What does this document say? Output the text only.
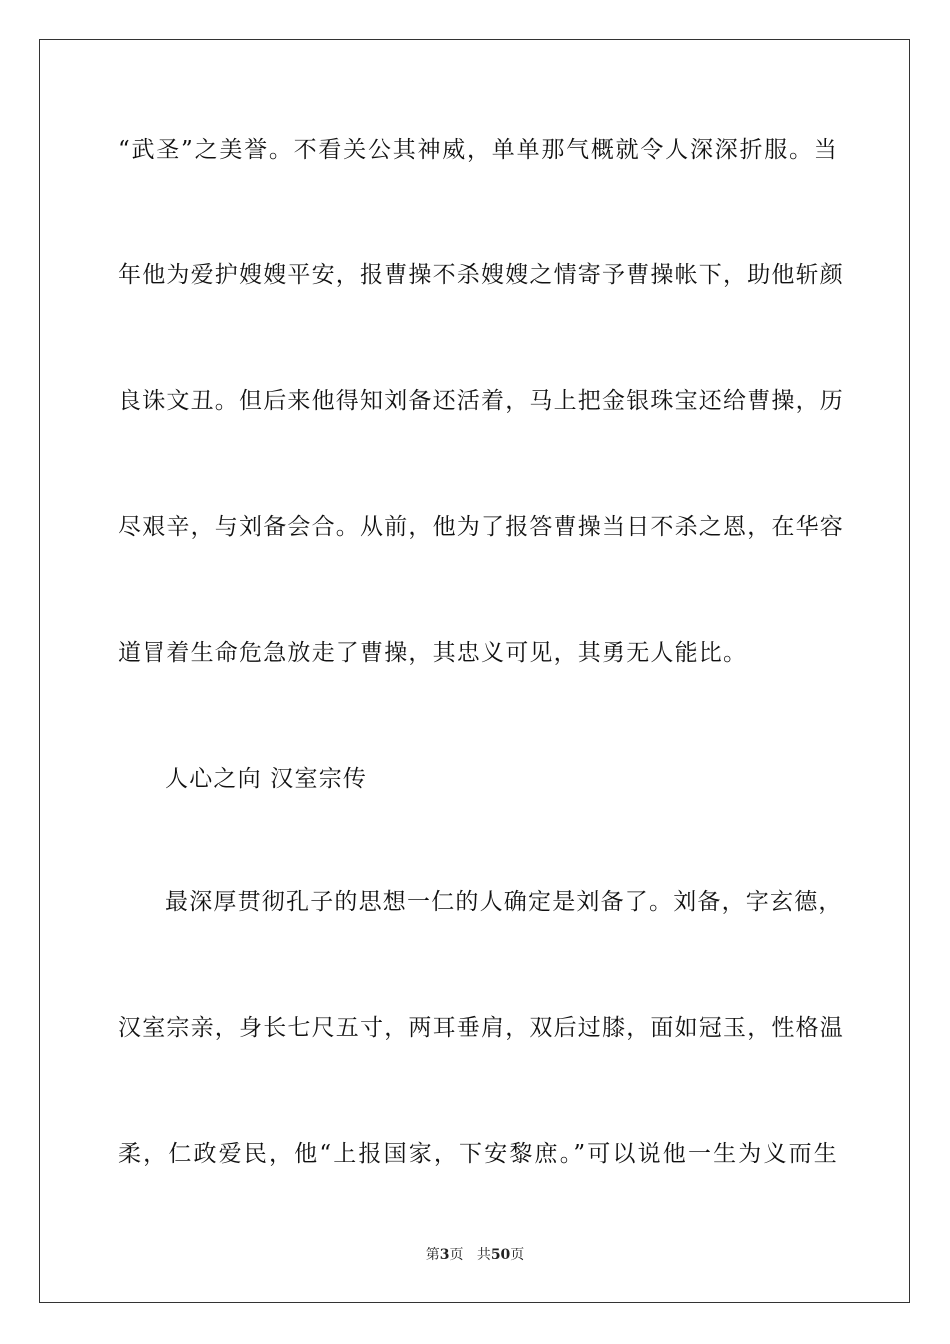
“武圣”之美誉。不看关公其神威，单单那气概就令人深深折服。当
年他为爱护嫂嫂平安，报曹操不杀嫂嫂之情寄予曹操帐下，助他斩颜
良诛文丑。但后来他得知刘备还活着，马上把金银珠宝还给曹操，历
尽艰辛，与刘备会合。从前，他为了报答曹操当日不杀之恩，在华容
道冒着生命危急放走了曹操，其忠义可见，其勇无人能比。
人心之向 汉室宗传
最深厚贯彻孔子的思想一仁的人确定是刘备了。刘备，字玄德，
汉室宗亲，身长七尺五寸，两耳垂肩，双后过膝，面如冠玉，性格温
柔，仁政爱民，他“上报国家，下安黎庶。”可以说他一生为义而生
第3页 共50页
